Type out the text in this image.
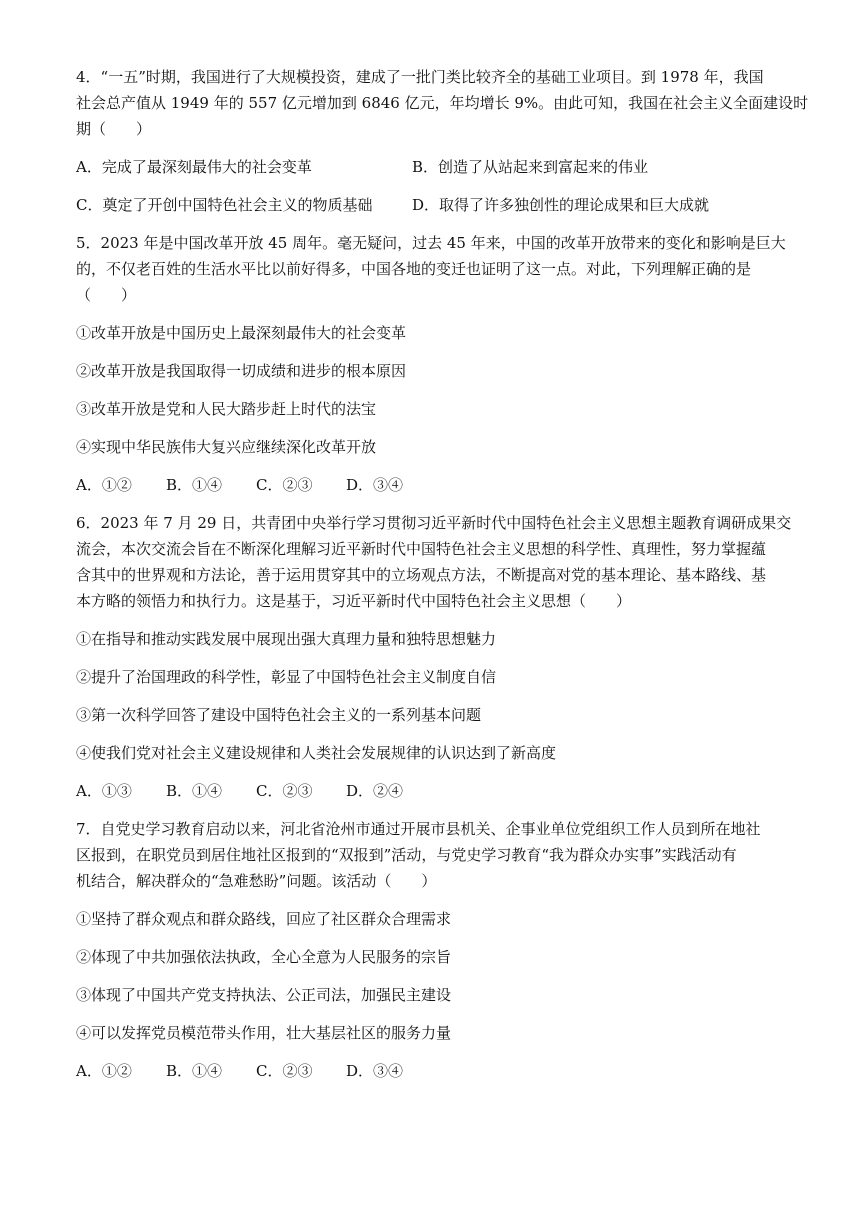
4．“一五”时期，我国进行了大规模投资，建成了一批门类比较齐全的基础工业项目。到 1978 年，我国
社会总产值从 1949 年的 557 亿元增加到 6846 亿元，年均增长 9%。由此可知，我国在社会主义全面建设时
期（　　）
A．完成了最深刻最伟大的社会变革	B．创造了从站起来到富起来的伟业
C．奠定了开创中国特色社会主义的物质基础	D．取得了许多独创性的理论成果和巨大成就
5．2023 年是中国改革开放 45 周年。毫无疑问，过去 45 年来，中国的改革开放带来的变化和影响是巨大
的，不仅老百姓的生活水平比以前好得多，中国各地的变迁也证明了这一点。对此，下列理解正确的是
（　　）
①改革开放是中国历史上最深刻最伟大的社会变革
②改革开放是我国取得一切成绩和进步的根本原因
③改革开放是党和人民大踏步赶上时代的法宝
④实现中华民族伟大复兴应继续深化改革开放
A．①②	B．①④	C．②③	D．③④
6．2023 年 7 月 29 日，共青团中央举行学习贯彻习近平新时代中国特色社会主义思想主题教育调研成果交
流会，本次交流会旨在不断深化理解习近平新时代中国特色社会主义思想的科学性、真理性，努力掌握蕴
含其中的世界观和方法论，善于运用贯穿其中的立场观点方法，不断提高对党的基本理论、基本路线、基
本方略的领悟力和执行力。这是基于，习近平新时代中国特色社会主义思想（　　）
①在指导和推动实践发展中展现出强大真理力量和独特思想魅力
②提升了治国理政的科学性，彰显了中国特色社会主义制度自信
③第一次科学回答了建设中国特色社会主义的一系列基本问题
④使我们党对社会主义建设规律和人类社会发展规律的认识达到了新高度
A．①③	B．①④	C．②③	D．②④
7．自党史学习教育启动以来，河北省沧州市通过开展市县机关、企事业单位党组织工作人员到所在地社
区报到，在职党员到居住地社区报到的“双报到”活动，与党史学习教育“我为群众办实事”实践活动有
机结合，解决群众的“急难愁盼”问题。该活动（　　）
①坚持了群众观点和群众路线，回应了社区群众合理需求
②体现了中共加强依法执政，全心全意为人民服务的宗旨
③体现了中国共产党支持执法、公正司法，加强民主建设
④可以发挥党员模范带头作用，壮大基层社区的服务力量
A．①②	B．①④	C．②③	D．③④
